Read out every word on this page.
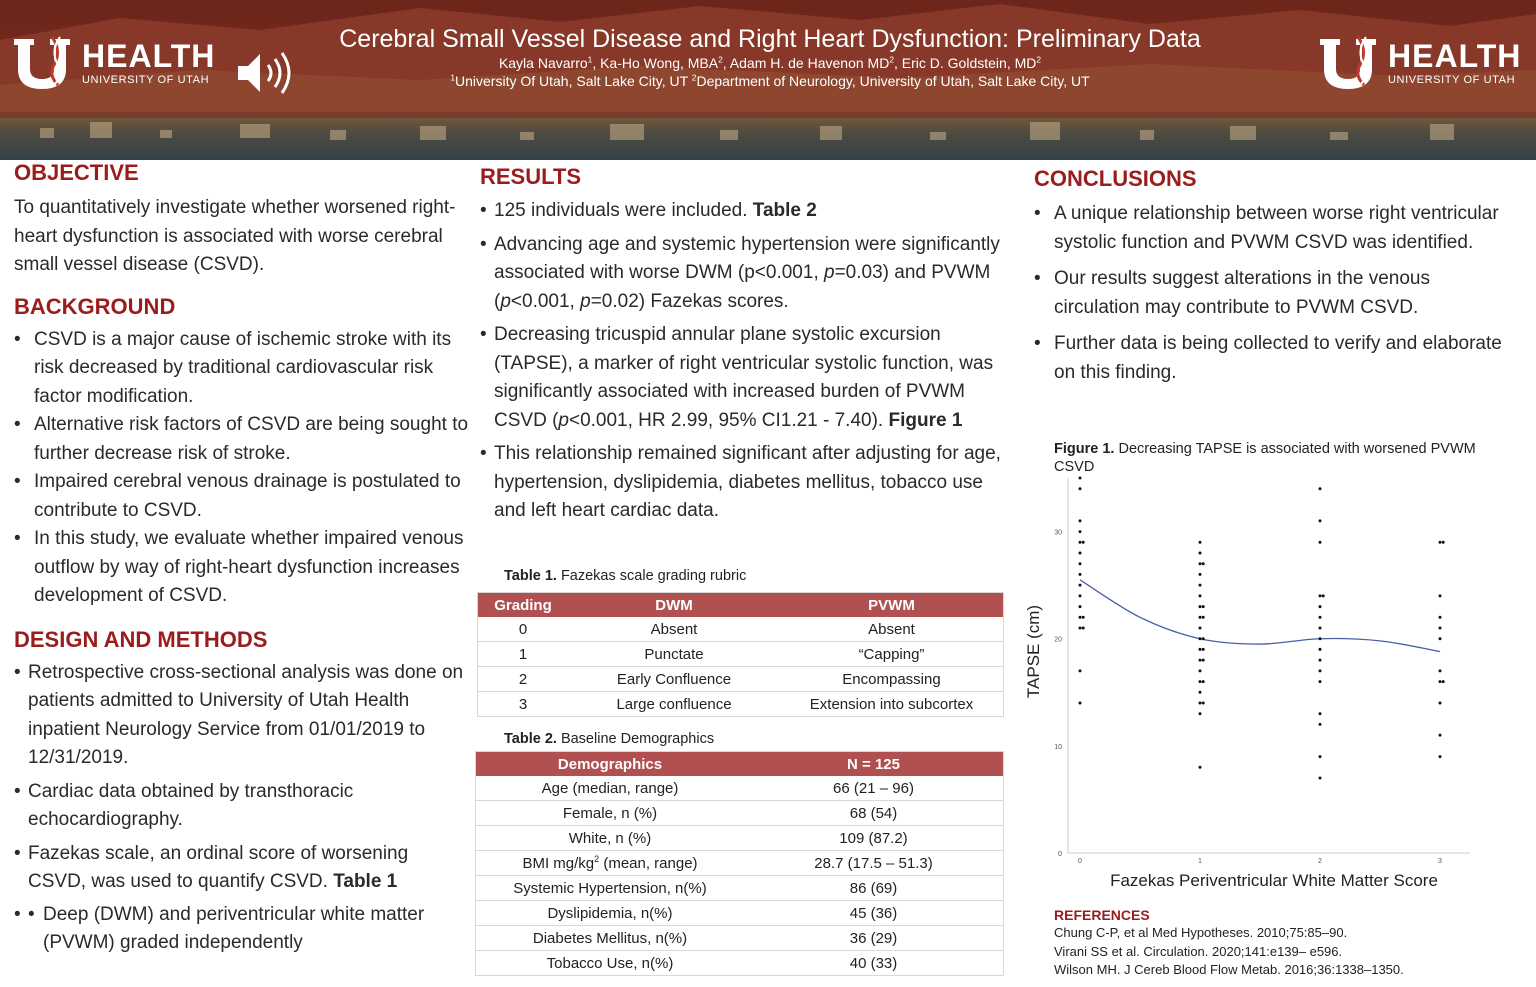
HEALTH
UNIVERSITY OF UTAH
Cerebral Small Vessel Disease and Right Heart Dysfunction: Preliminary Data
Kayla Navarro$^1$, Ka-Ho Wong, MBA$^2$, Adam H. de Havenon $MD^2$, Eric D. Goldstein, $MD^2$
$^1$University Of Utah, Salt Lake City, UT $^2$Department of Neurology, University of Utah, Salt Lake City, UT
HEALTH
UNIVERSITY OF UTAH
OBJECTIVE

To quantitatively investigate whether worsened right-heart dysfunction is associated with worse cerebral small vessel disease (CSVD).

BACKGROUND
• CSVD is a major cause of ischemic stroke with its risk decreased by traditional cardiovascular risk factor modification.
• Alternative risk factors of CSVD are being sought to further decrease risk of stroke.
• Impaired cerebral venous drainage is postulated to contribute to CSVD.
• In this study, we evaluate whether impaired venous outflow by way of right-heart dysfunction increases development of CSVD.
DESIGN AND METHODS
• Retrospective cross-sectional analysis was done on patients admitted to University of Utah Health inpatient Neurology Service from 01/01/2019 to 12/31/2019.
• Cardiac data obtained by transthoracic echocardiography.
• Fazekas scale, an ordinal score of worsening CSVD, was used to quantify CSVD. Table 1
• • Deep (DWM) and periventricular white matter (PVWM) graded independently
RESULTS
• 125 individuals were included. Table 2
• Advancing age and systemic hypertension were significantly associated with worse DWM (p<0.001, p=0.03) and PVWM (p<0.001, p=0.02) Fazekas scores.
• Decreasing tricuspid annular plane systolic excursion (TAPSE), a marker of right ventricular systolic function, was significantly associated with increased burden of PVWM CSVD (p<0.001, HR 2.99, 95% CI1.21 - 7.40). Figure 1
• This relationship remained significant after adjusting for age, hypertension, dyslipidemia, diabetes mellitus, tobacco use and left heart cardiac data.
Table 1. Fazekas scale grading rubric
Grading	DWM	PVWM
0	Absent	Absent
1	Punctate	“Capping”
2	Early Confluence	Encompassing
3	Large confluence	Extension into subcortex
Table 2. Baseline Demographics
Demographics	N = 125
Age (median, range)	66 (21 – 96)
Female, n (%)	68 (54)
White, n (%)	109 (87.2)
BMI $mg/kg^2$ (mean, range)	28.7 (17.5 – 51.3)
Systemic Hypertension, n(%)	86 (69)
Dyslipidemia, n(%)	45 (36)
Diabetes Mellitus, n(%)	36 (29)
Tobacco Use, n(%)	40 (33)
CONCLUSIONS
• A unique relationship between worse right ventricular systolic function and PVWM CSVD was identified.
• Our results suggest alterations in the venous circulation may contribute to PVWM CSVD.
• Further data is being collected to verify and elaborate on this finding.
Figure 1. Decreasing TAPSE is associated with worsened PVWM CSVD
0
10
20
30
0	1	2	3
TAPSE (cm)
Fazekas Periventricular White Matter Score
REFERENCES
Chung C-P, et al Med Hypotheses. 2010;75:85–90.
Virani SS et al. Circulation. 2020;141:e139– e596.
Wilson MH. J Cereb Blood Flow Metab. 2016;36:1338–1350.
